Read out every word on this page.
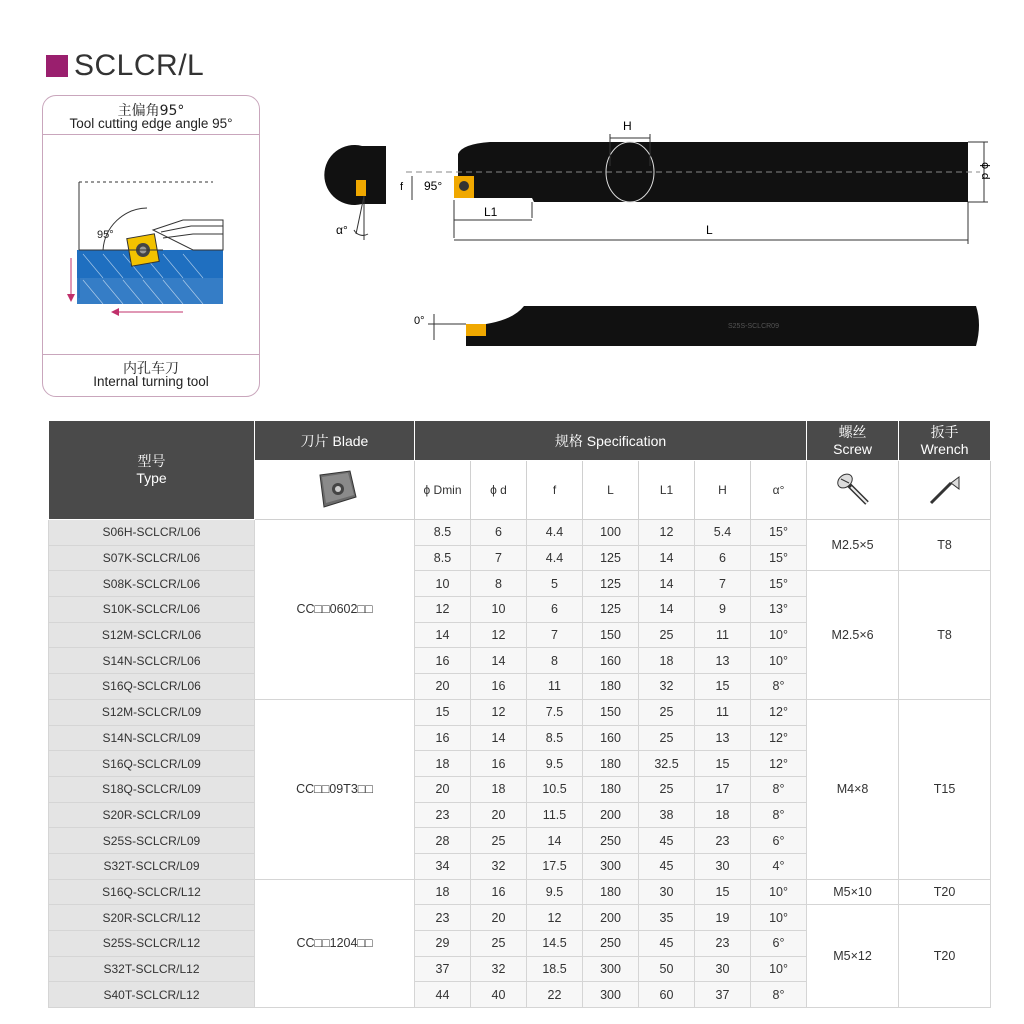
SCLCR/L
主偏角95°
Tool cutting edge angle 95°
95°
内孔车刀
Internal turning tool
α°
H
ϕ d
f 95°
L1
L
S25S-SCLCR09
0°
型号
Type	刀片 Blade	规格 Specification							螺丝
Screw	扳手
Wrench

	ϕ Dmin	ϕ d	f	L	L1	H	α°		
S06H-SCLCR/L06	CC□□0602□□	8.5	6	4.4	100	12	5.4	15°	M2.5×5	T8
S07K-SCLCR/L06		8.5	7	4.4	125	14	6	15°		
S08K-SCLCR/L06		10	8	5	125	14	7	15°	M2.5×6	T8
S10K-SCLCR/L06		12	10	6	125	14	9	13°		
S12M-SCLCR/L06		14	12	7	150	25	11	10°		
S14N-SCLCR/L06		16	14	8	160	18	13	10°		
S16Q-SCLCR/L06		20	16	11	180	32	15	8°		
S12M-SCLCR/L09	CC□□09T3□□	15	12	7.5	150	25	11	12°	M4×8	T15
S14N-SCLCR/L09		16	14	8.5	160	25	13	12°		
S16Q-SCLCR/L09		18	16	9.5	180	32.5	15	12°		
S18Q-SCLCR/L09		20	18	10.5	180	25	17	8°		
S20R-SCLCR/L09		23	20	11.5	200	38	18	8°		
S25S-SCLCR/L09		28	25	14	250	45	23	6°		
S32T-SCLCR/L09		34	32	17.5	300	45	30	4°		
S16Q-SCLCR/L12	CC□□1204□□	18	16	9.5	180	30	15	10°	M5×10	T20
S20R-SCLCR/L12		23	20	12	200	35	19	10°	M5×12	T20
S25S-SCLCR/L12		29	25	14.5	250	45	23	6°		
S32T-SCLCR/L12		37	32	18.5	300	50	30	10°		
S40T-SCLCR/L12		44	40	22	300	60	37	8°		
